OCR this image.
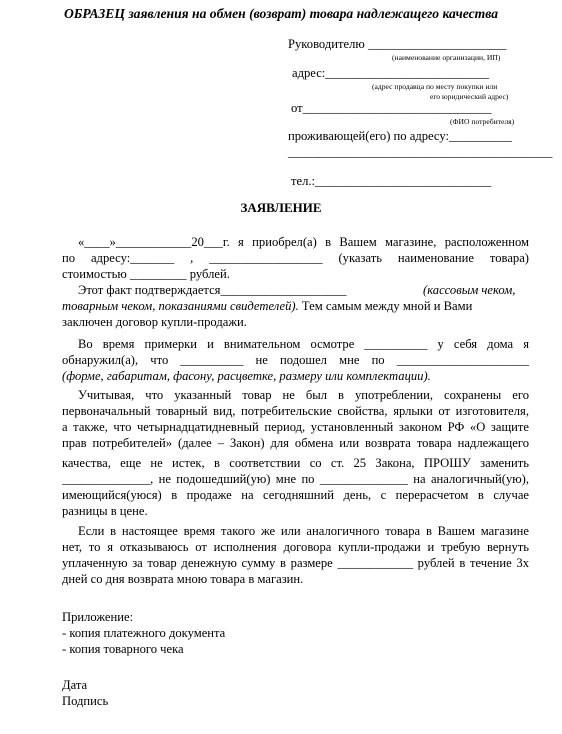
ОБРАЗЕЦ заявления на обмен (возврат) товара надлежащего качества
Руководителю ______________________
(наименование организации, ИП)
адрес:__________________________
(адрес продавца по месту покупки или
его юридический адрес)
от______________________________
(ФИО потребителя)
проживающей(его) по адресу:__________
__________________________________________
тел.:____________________________
ЗАЯВЛЕНИЕ
«____»____________20___г. я приобрел(а) в Вашем магазине, расположенном
по адресу:_______ , __________________ (указать наименование товара)
стоимостью _________ рублей.
Этот факт подтверждается____________________	(кассовым чеком,
товарным чеком, показаниями свидетелей). Тем самым между мной и Вами
заключен договор купли-продажи.
Во время примерки и внимательном осмотре __________ у себя дома я
обнаружил(а), что __________ не подошел мне по _____________________
(форме, габаритам, фасону, расцветке, размеру или комплектации).
Учитывая, что указанный товар не был в употреблении, сохранены его
первоначальный товарный вид, потребительские свойства, ярлыки от изготовителя,
а также, что четырнадцатидневный период, установленный законом РФ «О защите
прав потребителей» (далее – Закон) для обмена или возврата товара надлежащего
качества, еще не истек, в соответствии со ст. 25 Закона, ПРОШУ заменить
______________, не подошедший(ую) мне по ______________ на аналогичный(ую),
имеющийся(уюся) в продаже на сегодняшний день, с перерасчетом в случае
разницы в цене.
Если в настоящее время такого же или аналогичного товара в Вашем магазине
нет, то я отказываюсь от исполнения договора купли-продажи и требую вернуть
уплаченную за товар денежную сумму в размере ____________ рублей в течение 3х
дней со дня возврата мною товара в магазин.
Приложение:
- копия платежного документа
- копия товарного чека
Дата
Подпись
